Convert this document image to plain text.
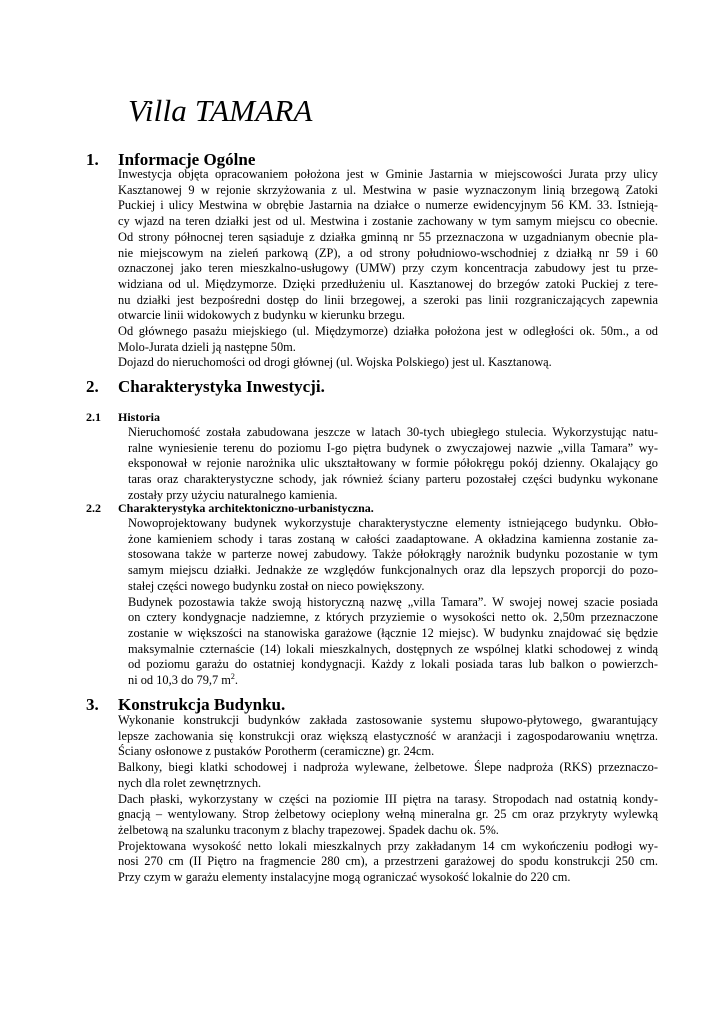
Villa TAMARA
1. Informacje Ogólne
Inwestycja objęta opracowaniem położona jest w Gminie Jastarnia w miejscowości Jurata przy ulicy
Kasztanowej 9 w rejonie skrzyżowania z ul. Mestwina w pasie wyznaczonym linią brzegową Zatoki
Puckiej i ulicy Mestwina w obrębie Jastarnia na działce o numerze ewidencyjnym 56 KM. 33. Istnieją-
cy wjazd na teren działki jest od ul. Mestwina i zostanie zachowany w tym samym miejscu co obecnie.
Od strony północnej teren sąsiaduje z działka gminną nr 55 przeznaczona w uzgadnianym obecnie pla-
nie miejscowym na zieleń parkową (ZP), a od strony południowo-wschodniej z działką nr 59 i 60
oznaczonej jako teren mieszkalno-usługowy (UMW) przy czym koncentracja zabudowy jest tu prze-
widziana od ul. Międzymorze. Dzięki przedłużeniu ul. Kasztanowej do brzegów zatoki Puckiej z tere-
nu działki jest bezpośredni dostęp do linii brzegowej, a szeroki pas linii rozgraniczających zapewnia
otwarcie linii widokowych z budynku w kierunku brzegu.
Od głównego pasażu miejskiego (ul. Międzymorze) działka położona jest w odległości ok. 50m., a od
Molo-Jurata dzieli ją następne 50m.
Dojazd do nieruchomości od drogi głównej (ul. Wojska Polskiego) jest ul. Kasztanową.
2. Charakterystyka Inwestycji.
2.1 Historia
Nieruchomość została zabudowana jeszcze w latach 30-tych ubiegłego stulecia. Wykorzystując natu-
ralne wyniesienie terenu do poziomu I-go piętra budynek o zwyczajowej nazwie „villa Tamara” wy-
eksponował w rejonie narożnika ulic ukształtowany w formie półokręgu pokój dzienny. Okalający go
taras oraz charakterystyczne schody, jak również ściany parteru pozostałej części budynku wykonane
zostały przy użyciu naturalnego kamienia.
2.2 Charakterystyka architektoniczno-urbanistyczna.
Nowoprojektowany budynek wykorzystuje charakterystyczne elementy istniejącego budynku. Obło-
żone kamieniem schody i taras zostaną w całości zaadaptowane. A okładzina kamienna zostanie za-
stosowana także w parterze nowej zabudowy. Także półokrągły narożnik budynku pozostanie w tym
samym miejscu działki. Jednakże ze względów funkcjonalnych oraz dla lepszych proporcji do pozo-
stałej części nowego budynku został on nieco powiększony.
Budynek pozostawia także swoją historyczną nazwę „villa Tamara”. W swojej nowej szacie posiada
on cztery kondygnacje nadziemne, z których przyziemie o wysokości netto ok. 2,50m przeznaczone
zostanie w większości na stanowiska garażowe (łącznie 12 miejsc). W budynku znajdować się będzie
maksymalnie czternaście (14) lokali mieszkalnych, dostępnych ze wspólnej klatki schodowej z windą
od poziomu garażu do ostatniej kondygnacji. Każdy z lokali posiada taras lub balkon o powierzch-
ni od 10,3 do 79,7 $m^2$.
3. Konstrukcja Budynku.
Wykonanie konstrukcji budynków zakłada zastosowanie systemu słupowo-płytowego, gwarantujący
lepsze zachowania się konstrukcji oraz większą elastyczność w aranżacji i zagospodarowaniu wnętrza.
Ściany osłonowe z pustaków Porotherm (ceramiczne) gr. 24cm.
Balkony, biegi klatki schodowej i nadproża wylewane, żelbetowe. Ślepe nadproża (RKS) przeznaczo-
nych dla rolet zewnętrznych.
Dach płaski, wykorzystany w części na poziomie III piętra na tarasy. Stropodach nad ostatnią kondy-
gnacją – wentylowany. Strop żelbetowy ocieplony wełną mineralna gr. 25 cm oraz przykryty wylewką
żelbetową na szalunku traconym z blachy trapezowej. Spadek dachu ok. 5%.
Projektowana wysokość netto lokali mieszkalnych przy zakładanym 14 cm wykończeniu podłogi wy-
nosi 270 cm (II Piętro na fragmencie 280 cm), a przestrzeni garażowej do spodu konstrukcji 250 cm.
Przy czym w garażu elementy instalacyjne mogą ograniczać wysokość lokalnie do 220 cm.
